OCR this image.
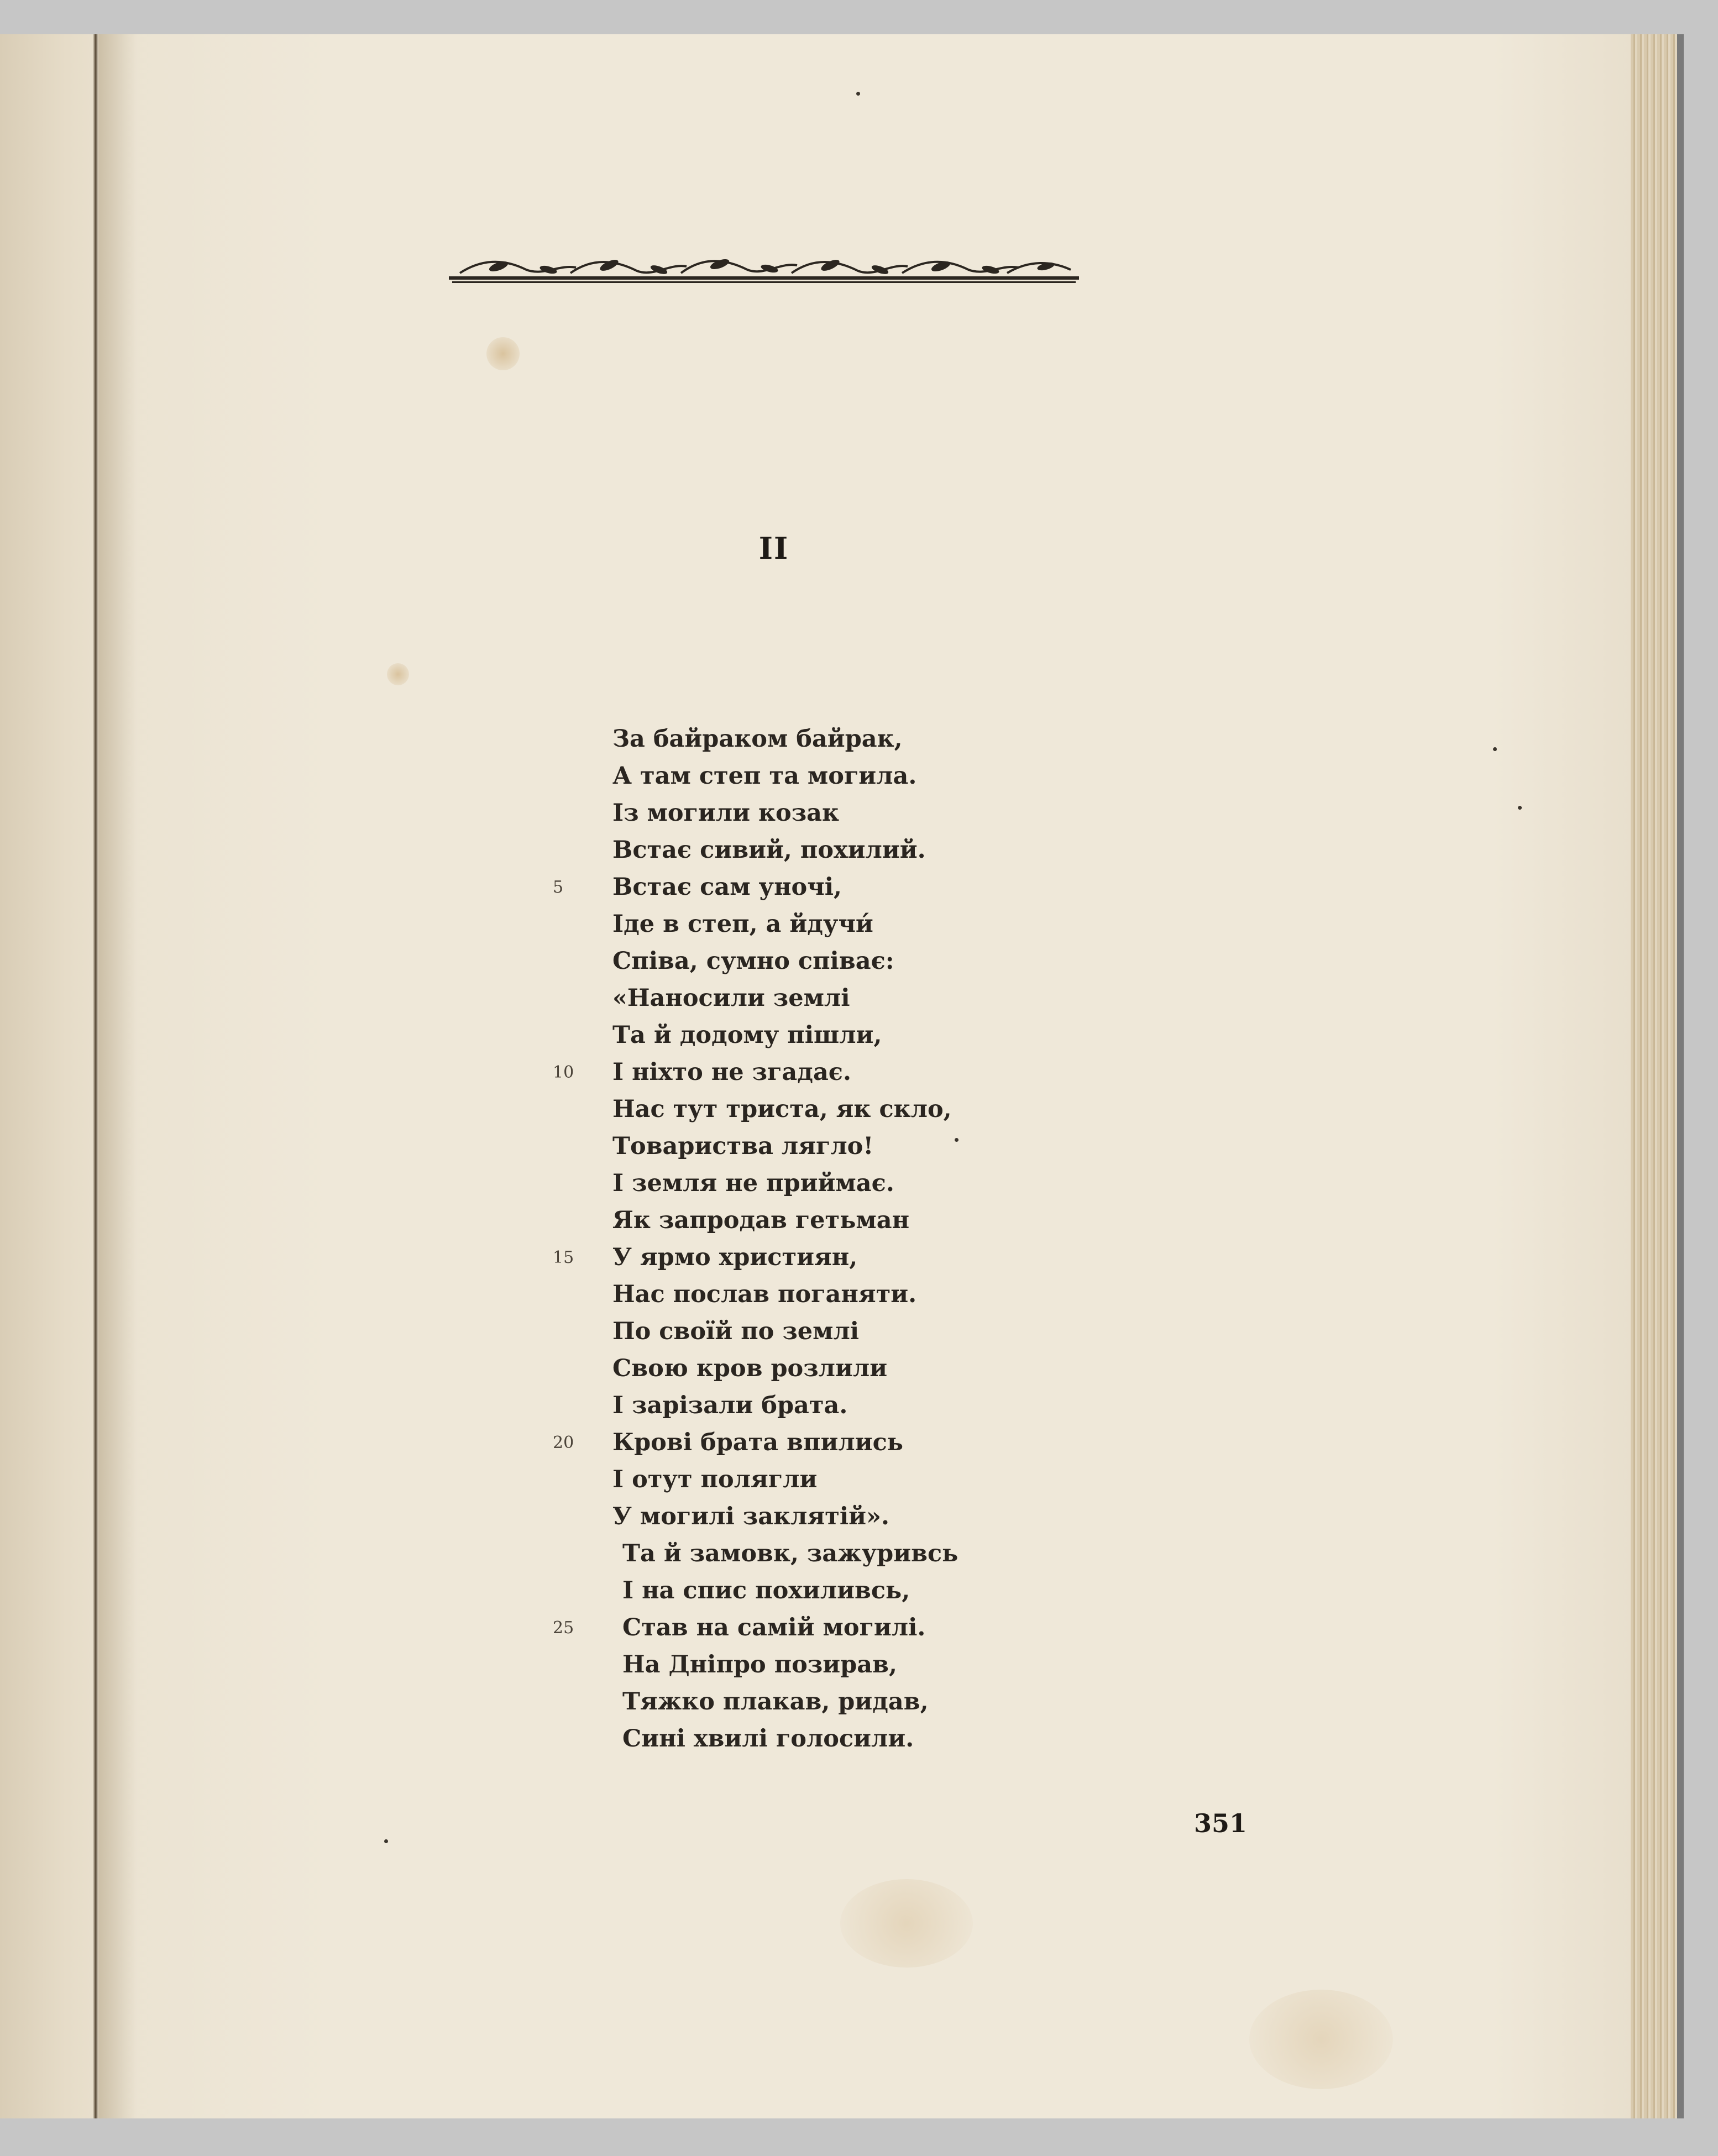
II
За байраком байрак,
А там степ та могила.
Із могили козак
Встає сивий, похилий.
5	Встає сам уночі,
Іде в степ, а йдучи́
Співа, сумно співає:
«Наносили землі
Та й додому пішли,
10	І ніхто не згадає.
Нас тут триста, як скло,
Товариства лягло!
І земля не приймає.
Як запродав гетьман
15	У ярмо християн,
Нас послав поганяти.
По своїй по землі
Свою кров розлили
І зарізали брата.
20	Крові брата впились
І отут полягли
У могилі заклятій».
Та й замовк, зажуривсь
І на спис похиливсь,
25	Став на самій могилі.
На Дніпро позирав,
Тяжко плакав, ридав,
Сині хвилі голосили.
351
